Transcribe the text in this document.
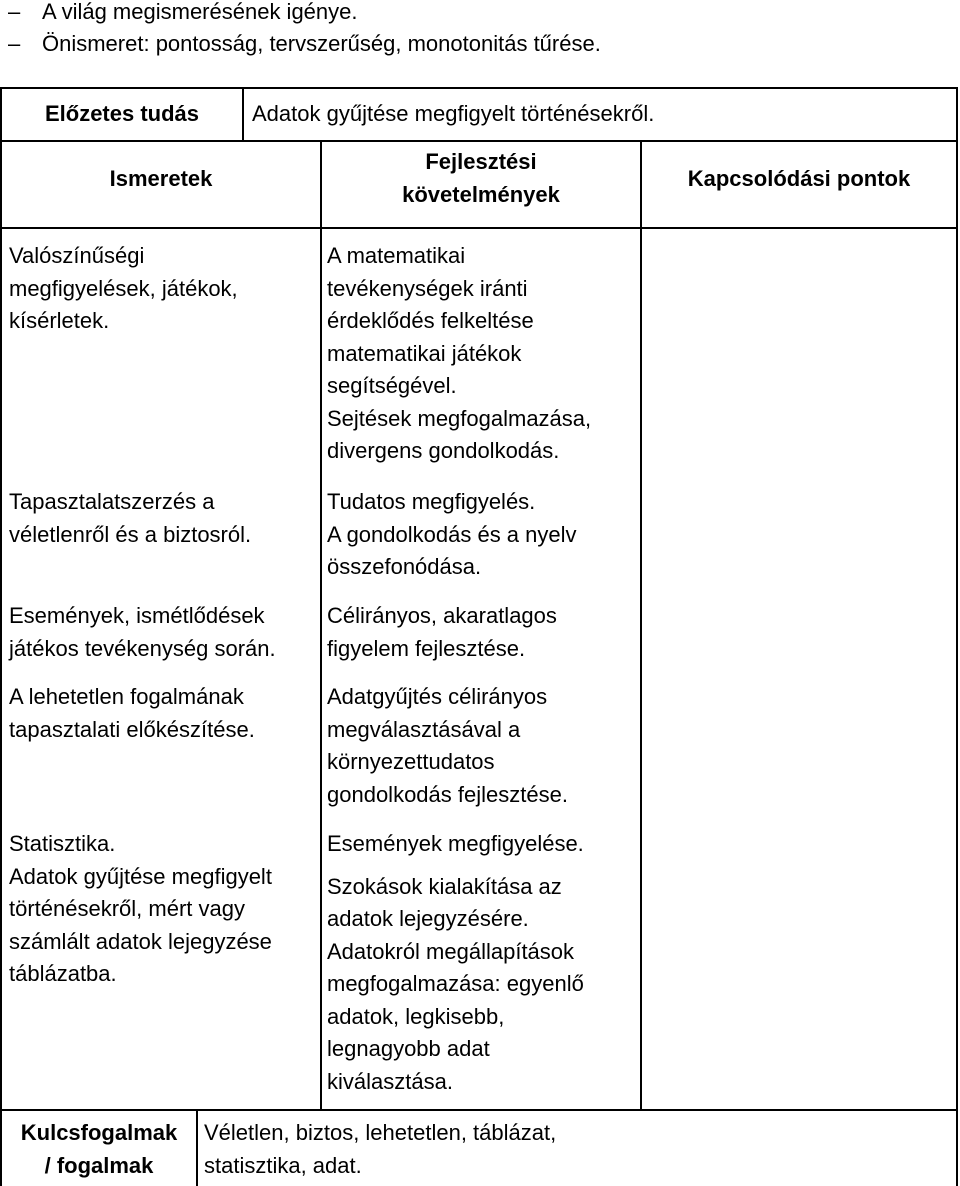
– A világ megismerésének igénye.
– Önismeret: pontosság, tervszerűség, monotonitás tűrése.
Előzetes tudás	Adatok gyűjtése megfigyelt történésekről.
Ismeretek
Fejlesztési
követelmények
Kapcsolódási pontok
Valószínűségi
megfigyelések, játékok,
kísérletek.
A matematikai
tevékenységek iránti
érdeklődés felkeltése
matematikai játékok
segítségével.
Sejtések megfogalmazása,
divergens gondolkodás.
Tapasztalatszerzés a
véletlenről és a biztosról.
Tudatos megfigyelés.
A gondolkodás és a nyelv
összefonódása.
Események, ismétlődések
játékos tevékenység során.
Célirányos, akaratlagos
figyelem fejlesztése.
A lehetetlen fogalmának
tapasztalati előkészítése.
Adatgyűjtés célirányos
megválasztásával a
környezettudatos
gondolkodás fejlesztése.
Statisztika.
Adatok gyűjtése megfigyelt
történésekről, mért vagy
számlált adatok lejegyzése
táblázatba.
Események megfigyelése.
Szokások kialakítása az
adatok lejegyzésére.
Adatokról megállapítások
megfogalmazása: egyenlő
adatok, legkisebb,
legnagyobb adat
kiválasztása.
Kulcsfogalmak
/ fogalmak
Véletlen, biztos, lehetetlen, táblázat,
statisztika, adat.
